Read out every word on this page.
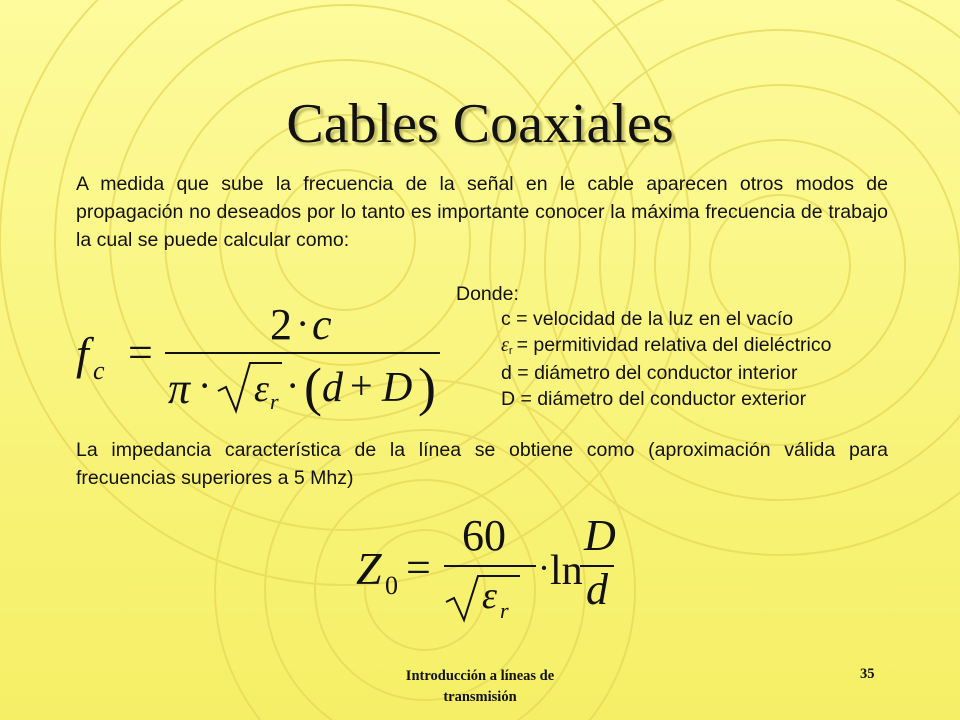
Cables Coaxiales
A medida que sube la frecuencia de la señal en le cable aparecen otros modos de propagación no deseados por lo tanto es importante conocer la máxima frecuencia de trabajo la cual se puede calcular como:
f c =
2 · c
π · ε r · ( d + D )
Donde:
c = velocidad de la luz en el vacío
εr = permitividad relativa del dieléctrico
d = diámetro del conductor interior
D = diámetro del conductor exterior
La impedancia característica de la línea se obtiene como (aproximación válida para frecuencias superiores a 5 Mhz)
Z 0 =
60
ε r
· ln
D
d
Introducción a líneas de
transmisión
35
